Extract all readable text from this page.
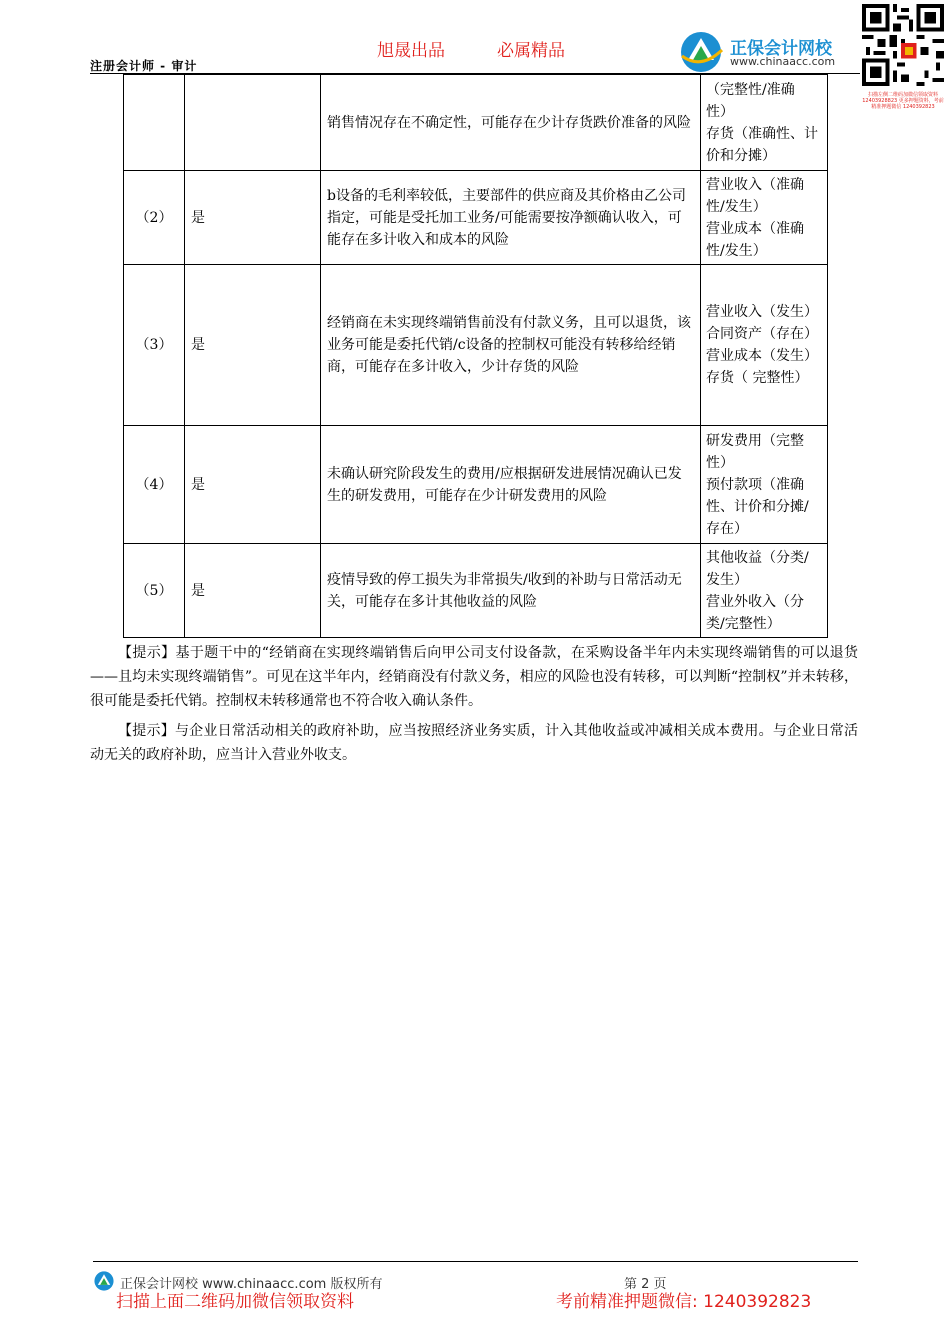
注册会计师 - 审计
旭晟出品	必属精品	正保会计网校
www.chinaacc.com
扫描左侧二维码加微信领取资料 12403928823 更多押题资料，考前精准押题微信 1240392823
		销售情况存在不确定性，可能存在少计存货跌价准备的风险	（完整性/准确性）
存货（准确性、计价和分摊）
（2）	是	b设备的毛利率较低，主要部件的供应商及其价格由乙公司指定，可能是受托加工业务/可能需要按净额确认收入，可能存在多计收入和成本的风险	营业收入（准确性/发生）
营业成本（准确性/发生）
（3）	是	经销商在未实现终端销售前没有付款义务，且可以退货，该业务可能是委托代销/c设备的控制权可能没有转移给经销商，可能存在多计收入，少计存货的风险	营业收入（发生）
合同资产（存在）
营业成本（发生）
存货（ 完整性）
（4）	是	未确认研究阶段发生的费用/应根据研发进展情况确认已发生的研发费用，可能存在少计研发费用的风险	研发费用（完整性）
预付款项（准确性、计价和分摊/存在）
（5）	是	疫情导致的停工损失为非常损失/收到的补助与日常活动无关，可能存在多计其他收益的风险	其他收益（分类/发生）
营业外收入（分类/完整性）
【提示】基于题干中的“经销商在实现终端销售后向甲公司支付设备款，在采购设备半年内未实现终端销售的可以退货——且均未实现终端销售”。可见在这半年内，经销商没有付款义务，相应的风险也没有转移，可以判断“控制权”并未转移，很可能是委托代销。控制权未转移通常也不符合收入确认条件。
【提示】与企业日常活动相关的政府补助，应当按照经济业务实质，计入其他收益或冲减相关成本费用。与企业日常活动无关的政府补助，应当计入营业外收支。
正保会计网校 www.chinaacc.com 版权所有	第 2 页
扫描上面二维码加微信领取资料	考前精准押题微信: 1240392823
